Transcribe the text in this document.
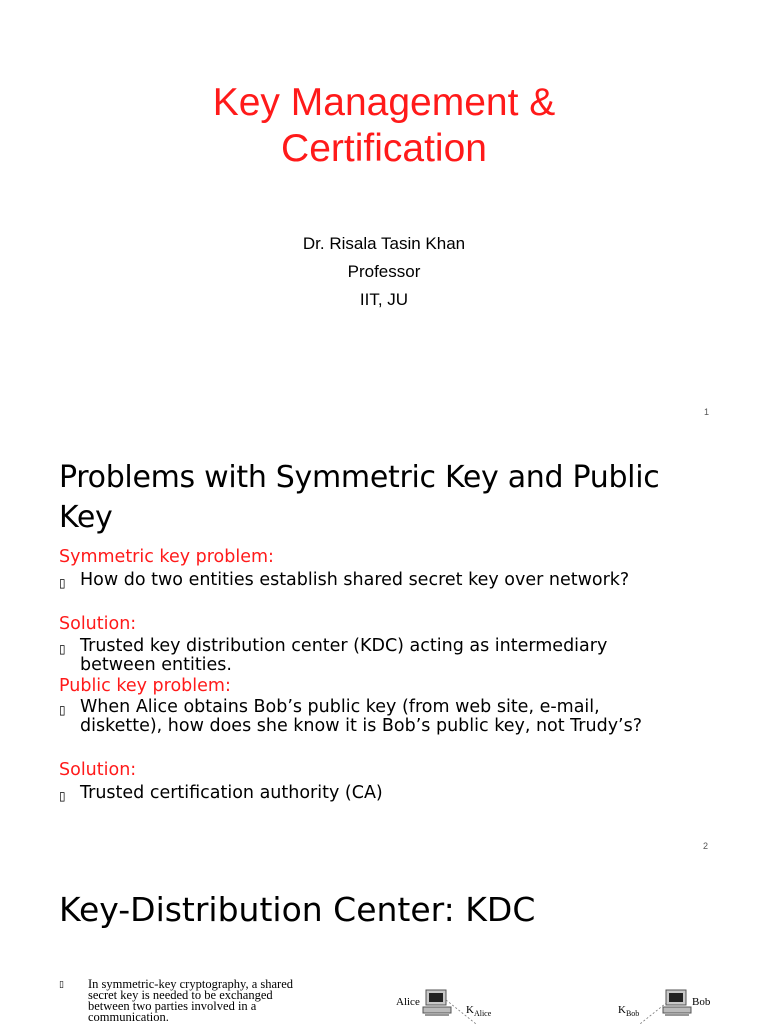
Key Management &
Certification
Dr. Risala Tasin Khan
Professor
IIT, JU
1
Problems with Symmetric Key and Public
Key
Symmetric key problem:
▯ How do two entities establish shared secret key over network?
Solution:
▯ Trusted key distribution center (KDC) acting as intermediary
between entities.
Public key problem:
▯ When Alice obtains Bob’s public key (from web site, e-mail,
diskette), how does she know it is Bob’s public key, not Trudy’s?
Solution:
▯ Trusted certification authority (CA)
2
Key-Distribution Center: KDC
▯ In symmetric-key cryptography, a shared
secret key is needed to be exchanged
between two parties involved in a
communication.
Alice
$K_{Alice}$	$K_{Bob}$
Bob
